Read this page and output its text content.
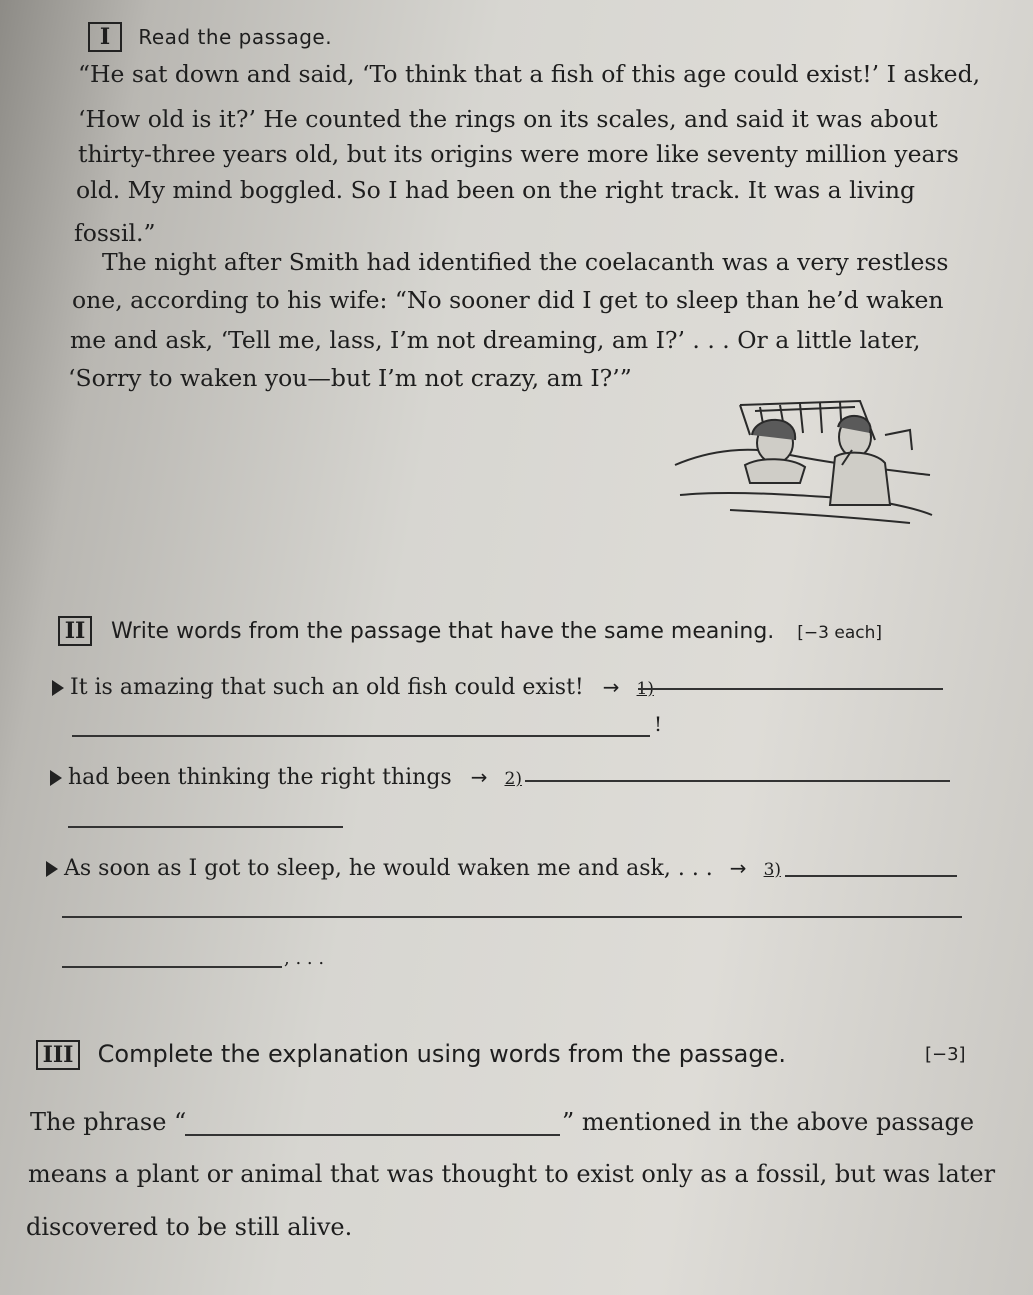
I Read the passage.
“He sat down and said, ‘To think that a fish of this age could exist!’ I asked,
‘How old is it?’ He counted the rings on its scales, and said it was about
thirty-three years old, but its origins were more like seventy million years
old. My mind boggled. So I had been on the right track. It was a living
fossil.”
The night after Smith had identified the coelacanth was a very restless
one, according to his wife: “No sooner did I get to sleep than he’d waken
me and ask, ‘Tell me, lass, I’m not dreaming, am I?’ . . . Or a little later,
‘Sorry to waken you—but I’m not crazy, am I?’”
II Write words from the passage that have the same meaning. [−3 each]
It is amazing that such an old fish could exist! → 1)
!
had been thinking the right things → 2)
As soon as I got to sleep, he would waken me and ask, . . . → 3)
, . . .
III Complete the explanation using words from the passage.	[−3]
The phrase “	” mentioned in the above passage
means a plant or animal that was thought to exist only as a fossil, but was later
discovered to be still alive.
